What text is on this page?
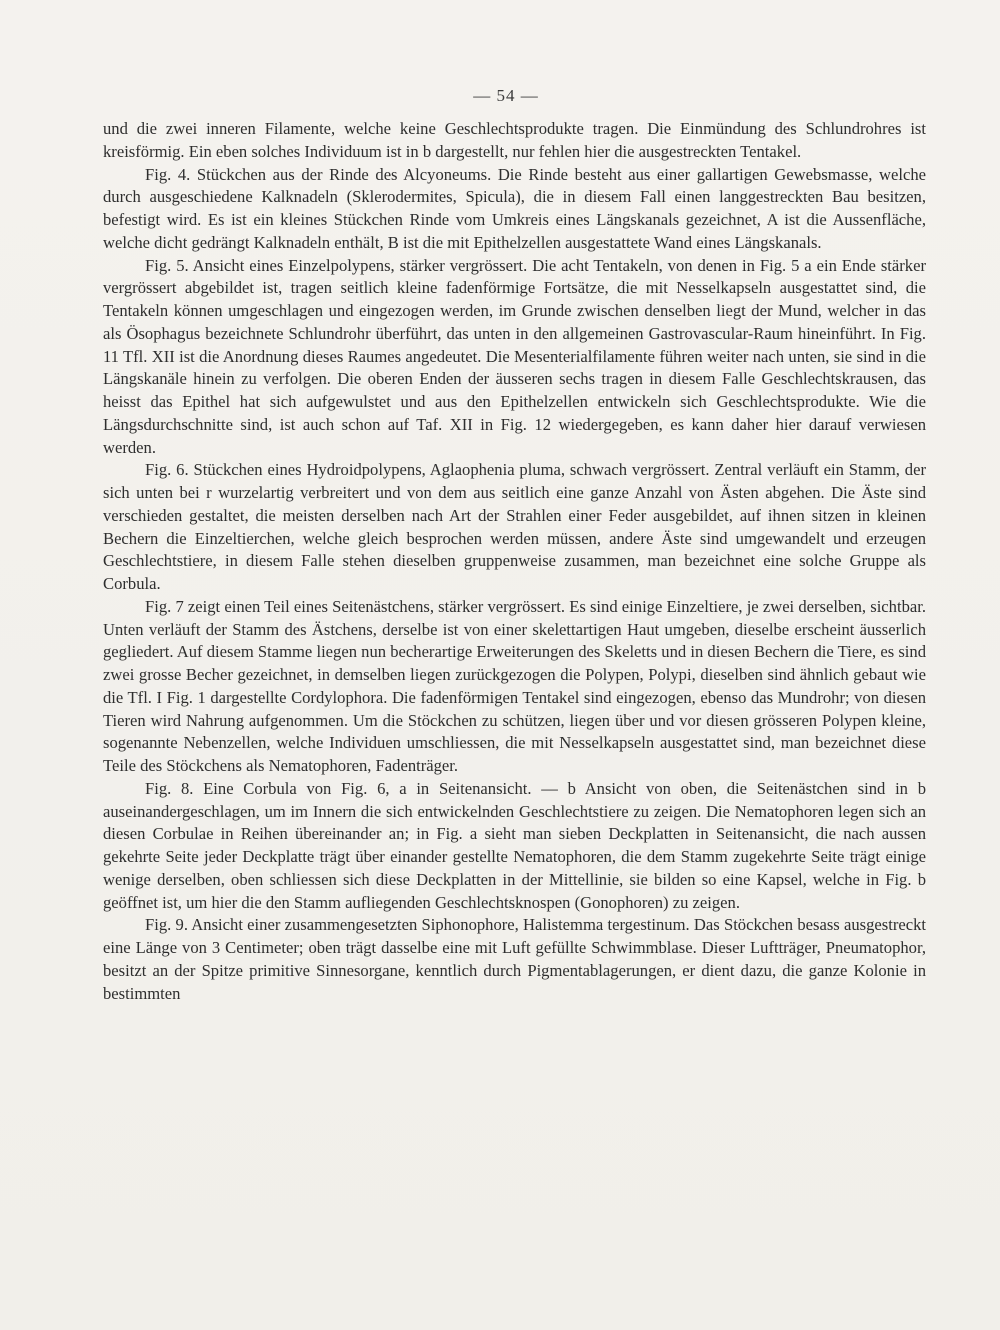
— 54 —

und die zwei inneren Filamente, welche keine Geschlechtsprodukte tragen. Die Einmündung des Schlundrohres ist kreisförmig. Ein eben solches Individuum ist in b dargestellt, nur fehlen hier die ausgestreckten Tentakel.

Fig. 4. Stückchen aus der Rinde des Alcyoneums. Die Rinde besteht aus einer gallartigen Gewebsmasse, welche durch ausgeschiedene Kalknadeln (Sklerodermites, Spicula), die in diesem Fall einen langgestreckten Bau besitzen, befestigt wird. Es ist ein kleines Stückchen Rinde vom Umkreis eines Längskanals gezeichnet, A ist die Aussenfläche, welche dicht gedrängt Kalknadeln enthält, B ist die mit Epithelzellen ausgestattete Wand eines Längskanals.

Fig. 5. Ansicht eines Einzelpolypens, stärker vergrössert. Die acht Tentakeln, von denen in Fig. 5 a ein Ende stärker vergrössert abgebildet ist, tragen seitlich kleine fadenförmige Fortsätze, die mit Nesselkapseln ausgestattet sind, die Tentakeln können umgeschlagen und eingezogen werden, im Grunde zwischen denselben liegt der Mund, welcher in das als Ösophagus bezeichnete Schlundrohr überführt, das unten in den allgemeinen Gastrovascular-Raum hineinführt. In Fig. 11 Tfl. XII ist die Anordnung dieses Raumes angedeutet. Die Mesenterialfilamente führen weiter nach unten, sie sind in die Längskanäle hinein zu verfolgen. Die oberen Enden der äusseren sechs tragen in diesem Falle Geschlechtskrausen, das heisst das Epithel hat sich aufgewulstet und aus den Epithelzellen entwickeln sich Geschlechtsprodukte. Wie die Längsdurchschnitte sind, ist auch schon auf Taf. XII in Fig. 12 wiedergegeben, es kann daher hier darauf verwiesen werden.

Fig. 6. Stückchen eines Hydroidpolypens, Aglaophenia pluma, schwach vergrössert. Zentral verläuft ein Stamm, der sich unten bei r wurzelartig verbreitert und von dem aus seitlich eine ganze Anzahl von Ästen abgehen. Die Äste sind verschieden gestaltet, die meisten derselben nach Art der Strahlen einer Feder ausgebildet, auf ihnen sitzen in kleinen Bechern die Einzeltierchen, welche gleich besprochen werden müssen, andere Äste sind umgewandelt und erzeugen Geschlechtstiere, in diesem Falle stehen dieselben gruppenweise zusammen, man bezeichnet eine solche Gruppe als Corbula.

Fig. 7 zeigt einen Teil eines Seitenästchens, stärker vergrössert. Es sind einige Einzeltiere, je zwei derselben, sichtbar. Unten verläuft der Stamm des Ästchens, derselbe ist von einer skelettartigen Haut umgeben, dieselbe erscheint äusserlich gegliedert. Auf diesem Stamme liegen nun becherartige Erweiterungen des Skeletts und in diesen Bechern die Tiere, es sind zwei grosse Becher gezeichnet, in demselben liegen zurückgezogen die Polypen, Polypi, dieselben sind ähnlich gebaut wie die Tfl. I Fig. 1 dargestellte Cordylophora. Die fadenförmigen Tentakel sind eingezogen, ebenso das Mundrohr; von diesen Tieren wird Nahrung aufgenommen. Um die Stöckchen zu schützen, liegen über und vor diesen grösseren Polypen kleine, sogenannte Nebenzellen, welche Individuen umschliessen, die mit Nesselkapseln ausgestattet sind, man bezeichnet diese Teile des Stöckchens als Nematophoren, Fadenträger.

Fig. 8. Eine Corbula von Fig. 6, a in Seitenansicht. — b Ansicht von oben, die Seitenästchen sind in b auseinandergeschlagen, um im Innern die sich entwickelnden Geschlechtstiere zu zeigen. Die Nematophoren legen sich an diesen Corbulae in Reihen übereinander an; in Fig. a sieht man sieben Deckplatten in Seitenansicht, die nach aussen gekehrte Seite jeder Deckplatte trägt über einander gestellte Nematophoren, die dem Stamm zugekehrte Seite trägt einige wenige derselben, oben schliessen sich diese Deckplatten in der Mittellinie, sie bilden so eine Kapsel, welche in Fig. b geöffnet ist, um hier die den Stamm aufliegenden Geschlechtsknospen (Gonophoren) zu zeigen.

Fig. 9. Ansicht einer zusammengesetzten Siphonophore, Halistemma tergestinum. Das Stöckchen besass ausgestreckt eine Länge von 3 Centimeter; oben trägt dasselbe eine mit Luft gefüllte Schwimmblase. Dieser Luftträger, Pneumatophor, besitzt an der Spitze primitive Sinnesorgane, kenntlich durch Pigmentablagerungen, er dient dazu, die ganze Kolonie in bestimmten
